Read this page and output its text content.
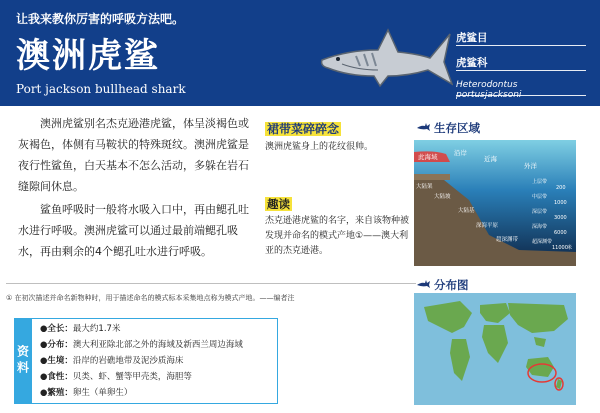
让我来教你厉害的呼吸方法吧。
澳洲虎鲨
Port jackson bullhead shark
虎鲨目
虎鲨科
Heterodontus portusjacksoni

澳洲虎鲨别名杰克逊港虎鲨，体呈淡褐色或灰褐色，体侧有马鞍状的特殊斑纹。澳洲虎鲨是夜行性鲨鱼，白天基本不怎么活动，多躲在岩石缝隙间休息。

鲨鱼呼吸时一般将水吸入口中，再由鳃孔吐水进行呼吸。澳洲虎鲨可以通过最前端鳃孔吸水，再由剩余的4个鳃孔吐水进行呼吸。

裙带菜碎碎念
澳洲虎鲨身上的花纹很帅。
趣读
杰克逊港虎鲨的名字，来自该物种被发现并命名的模式产地①——澳大利亚的杰克逊港。
① 在初次描述并命名新物种时，用于描述命名的模式标本采集地点称为模式产地。——编者注
资料
●全长：最大约1.7米
●分布：澳大利亚除北部之外的海域及新西兰周边海域
●生境：沿岸的岩礁地带及泥沙质海床
●食性：贝类、虾、蟹等甲壳类，海胆等
●繁殖：卵生（单卵生）
生存区域
此海域	沿岸
近海
外洋
大陆架
大陆坡
大陆基
深海平原
超深渊带
上层带
中层带
深层带
深海带
超深渊带
200
1000
3000
6000
11000 米
分布图
